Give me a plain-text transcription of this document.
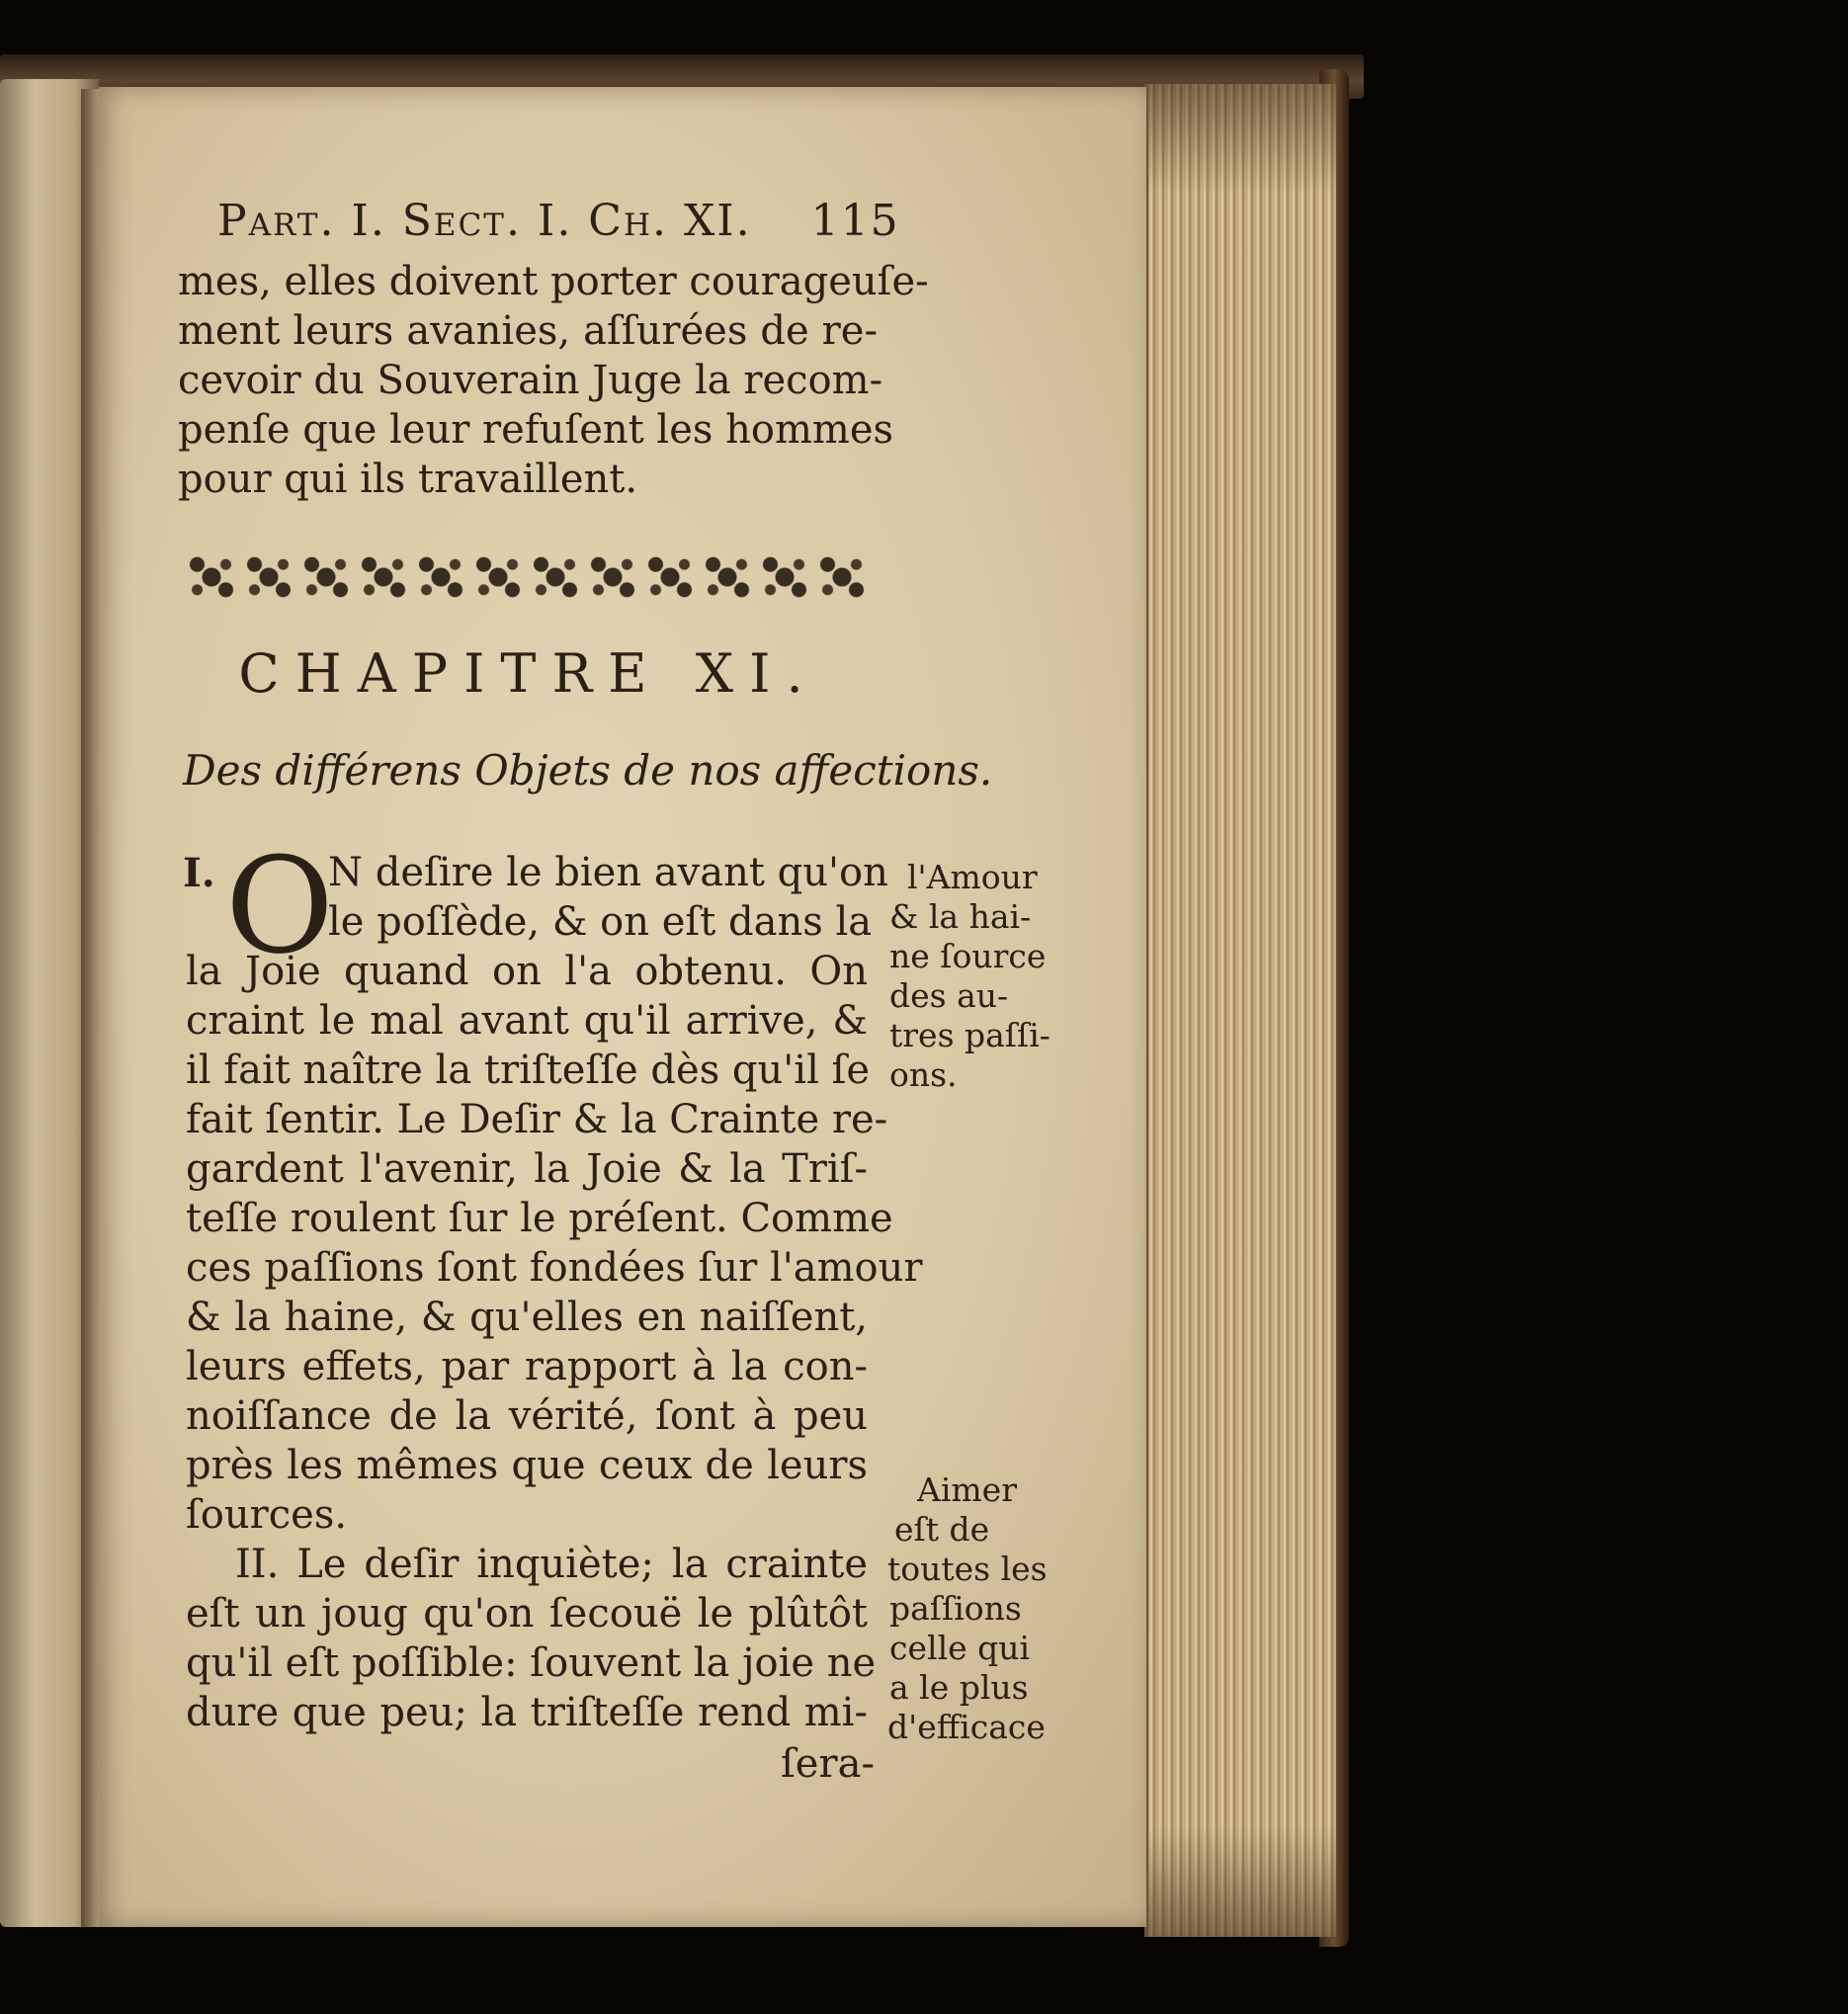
Part. I. Sect. I. Ch. XI. 115
mes, elles doivent porter courageuſe-
ment leurs avanies, aſſurées de re-
cevoir du Souverain Juge la recom-
penſe que leur refuſent les hommes
pour qui ils travaillent.
CHAPITRE XI.
Des différens Objets de nos affections.
I. O
N deſire le bien avant qu'on
le poſſède, & on eſt dans la
la Joie quand on l'a obtenu. On
craint le mal avant qu'il arrive, &
il fait naître la triſteſſe dès qu'il ſe
fait ſentir. Le Deſir & la Crainte re-
gardent l'avenir, la Joie & la Triſ-
teſſe roulent ſur le préſent. Comme
ces paſſions ſont fondées ſur l'amour
& la haine, & qu'elles en naiſſent,
leurs effets, par rapport à la con-
noiſſance de la vérité, ſont à peu
près les mêmes que ceux de leurs
ſources.
II. Le deſir inquiète; la crainte
eſt un joug qu'on ſecouë le plûtôt
qu'il eſt poſſible: ſouvent la joie ne
dure que peu; la triſteſſe rend mi-
ſera-
l'Amour
& la hai-
ne ſource
des au-
tres paſſi-
ons.
Aimer
eſt de
toutes les
paſſions
celle qui
a le plus
d'efficace
